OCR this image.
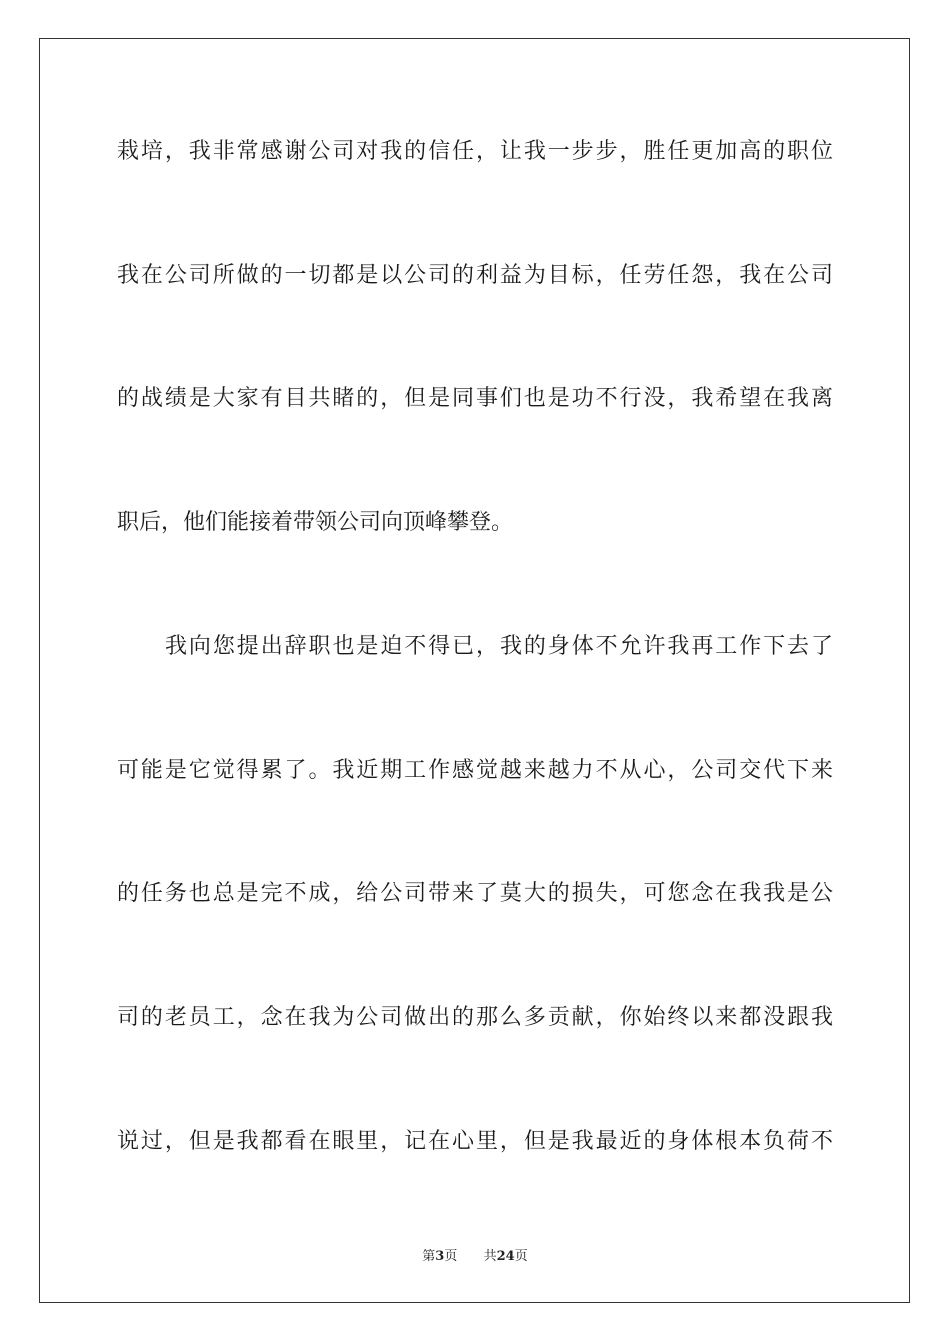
栽培，我非常感谢公司对我的信任，让我一步步，胜任更加高的职位
我在公司所做的一切都是以公司的利益为目标，任劳任怨，我在公司
的战绩是大家有目共睹的，但是同事们也是功不行没，我希望在我离
职后，他们能接着带领公司向顶峰攀登。
我向您提出辞职也是迫不得已，我的身体不允许我再工作下去了
可能是它觉得累了。我近期工作感觉越来越力不从心，公司交代下来
的任务也总是完不成，给公司带来了莫大的损失，可您念在我我是公
司的老员工，念在我为公司做出的那么多贡献，你始终以来都没跟我
说过，但是我都看在眼里，记在心里，但是我最近的身体根本负荷不
第3页 共24页
